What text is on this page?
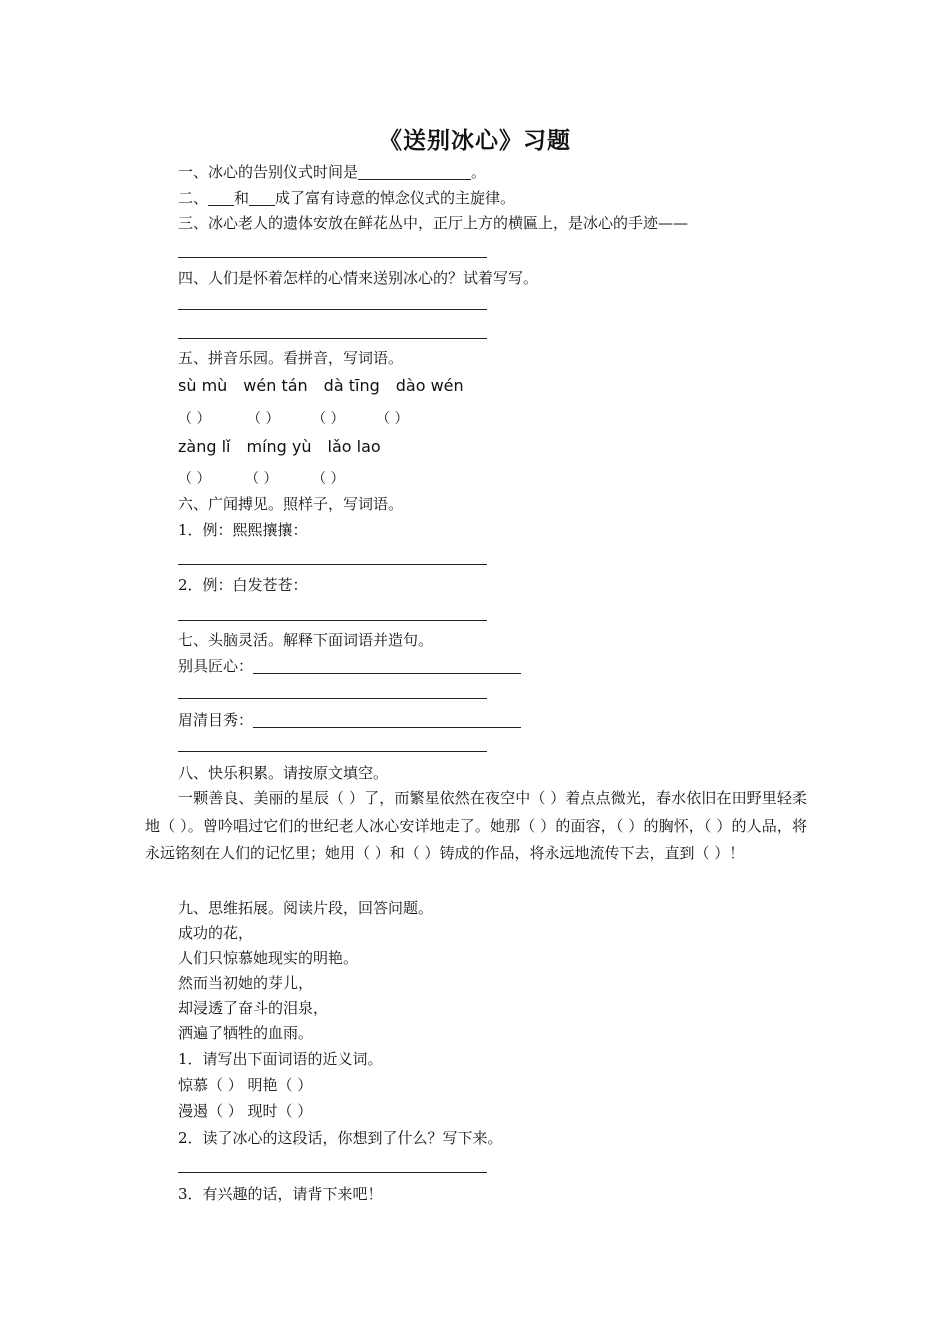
《送别冰心》习题
一、冰心的告别仪式时间是	。
二、 和 成了富有诗意的悼念仪式的主旋律。
三、冰心老人的遗体安放在鲜花丛中，正厅上方的横匾上，是冰心的手迹——
四、人们是怀着怎样的心情来送别冰心的？试着写写。
五、拼音乐园。看拼音，写词语。
sù mù wén tán dà tīng dào wén
（ ）	（ ） （ ） （ ）
zàng lǐ míng yù lǎo lao
（ ） （ ） （ ）
六、广闻搏见。照样子，写词语。
1．例：熙熙攘攘：
2．例：白发苍苍：
七、头脑灵活。解释下面词语并造句。
别具匠心：
眉清目秀：
八、快乐积累。请按原文填空。
一颗善良、美丽的星辰（ ）了，而繁星依然在夜空中（ ）着点点微光，春水依旧在田野里轻柔地（ ）。曾吟唱过它们的世纪老人冰心安详地走了。她那（ ）的面容，（ ）的胸怀，（ ）的人品，将永远铭刻在人们的记忆里；她用（ ）和（ ）铸成的作品，将永远地流传下去，直到（ ）！
九、思维拓展。阅读片段，回答问题。
成功的花，
人们只惊慕她现实的明艳。
然而当初她的芽儿，
却浸透了奋斗的泪泉，
洒遍了牺牲的血雨。
1．请写出下面词语的近义词。
惊慕（ ） 明艳（ ）
漫遏（ ） 现时（ ）
2．读了冰心的这段话，你想到了什么？写下来。
3．有兴趣的话，请背下来吧！
